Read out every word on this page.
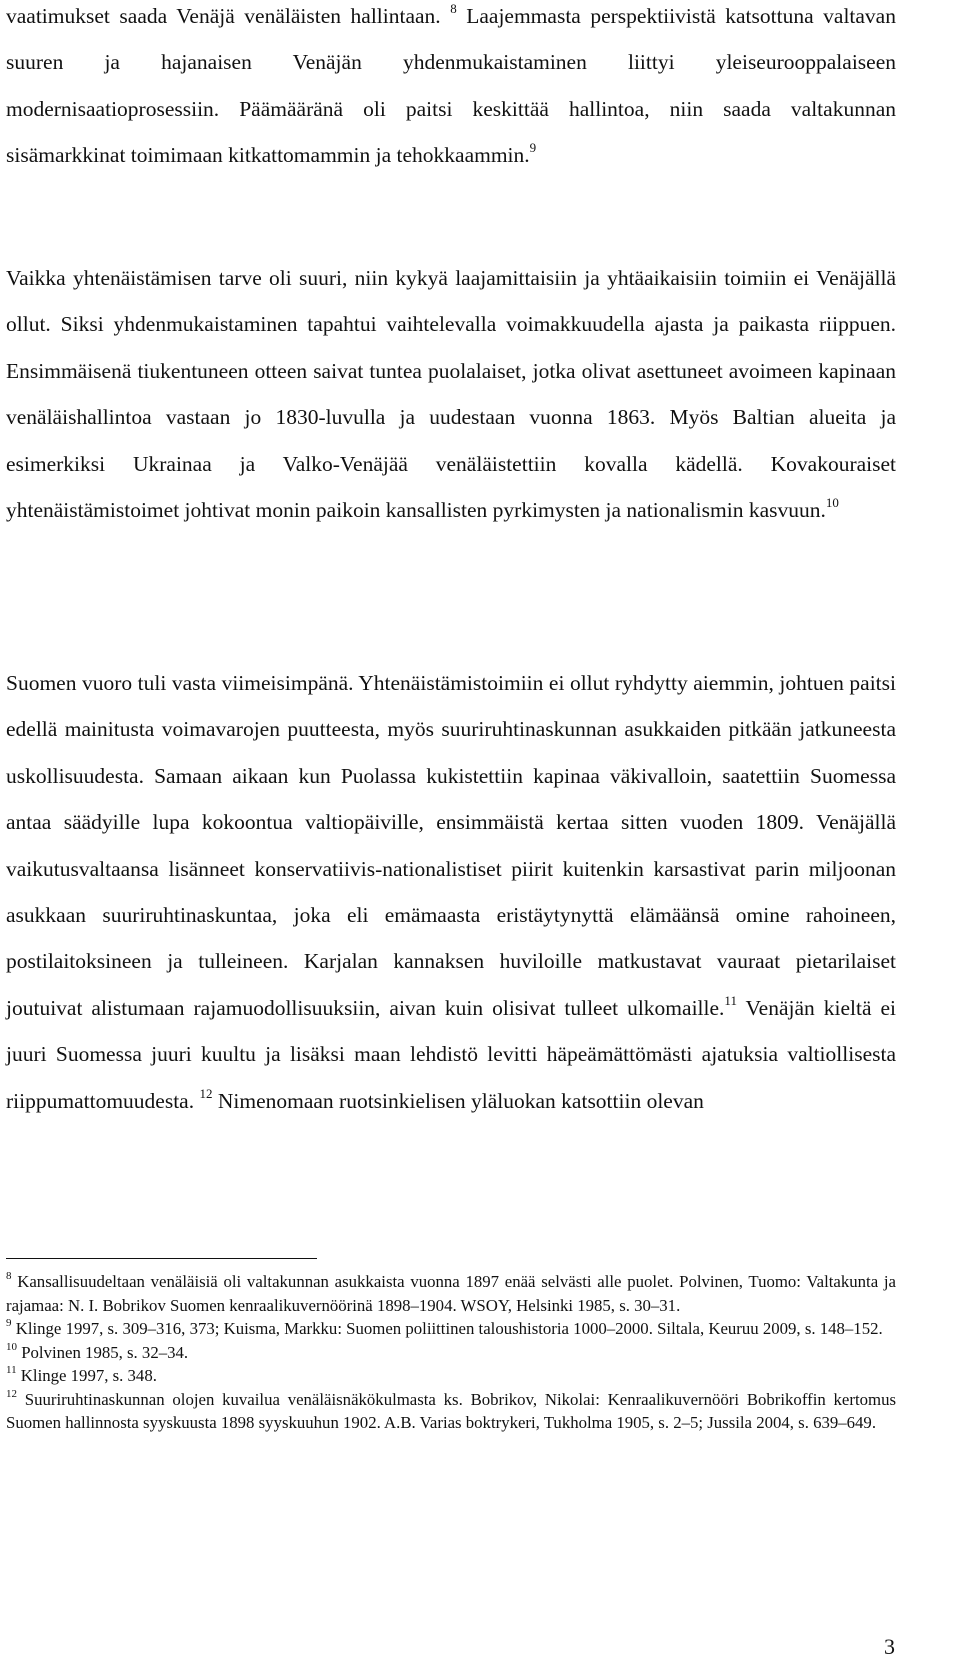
vaatimukset saada Venäjä venäläisten hallintaan. $^8$ Laajemmasta perspektiivistä katsottuna valtavan suuren ja hajanaisen Venäjän yhdenmukaistaminen liittyi yleiseurooppalaiseen modernisaatioprosessiin. Päämääränä oli paitsi keskittää hallintoa, niin saada valtakunnan sisämarkkinat toimimaan kitkattomammin ja tehokkaammin.$^9$

Vaikka yhtenäistämisen tarve oli suuri, niin kykyä laajamittaisiin ja yhtäaikaisiin toimiin ei Venäjällä ollut. Siksi yhdenmukaistaminen tapahtui vaihtelevalla voimakkuudella ajasta ja paikasta riippuen. Ensimmäisenä tiukentuneen otteen saivat tuntea puolalaiset, jotka olivat asettuneet avoimeen kapinaan venäläishallintoa vastaan jo 1830-luvulla ja uudestaan vuonna 1863. Myös Baltian alueita ja esimerkiksi Ukrainaa ja Valko-Venäjää venäläistettiin kovalla kädellä. Kovakouraiset yhtenäistämistoimet johtivat monin paikoin kansallisten pyrkimysten ja nationalismin kasvuun.$^{10}$

Suomen vuoro tuli vasta viimeisimpänä. Yhtenäistämistoimiin ei ollut ryhdytty aiemmin, johtuen paitsi edellä mainitusta voimavarojen puutteesta, myös suuriruhtinaskunnan asukkaiden pitkään jatkuneesta uskollisuudesta. Samaan aikaan kun Puolassa kukistettiin kapinaa väkivalloin, saatettiin Suomessa antaa säädyille lupa kokoontua valtiopäiville, ensimmäistä kertaa sitten vuoden 1809. Venäjällä vaikutusvaltaansa lisänneet konservatiivis-nationalistiset piirit kuitenkin karsastivat parin miljoonan asukkaan suuriruhtinaskuntaa, joka eli emämaasta eristäytynyttä elämäänsä omine rahoineen, postilaitoksineen ja tulleineen. Karjalan kannaksen huviloille matkustavat vauraat pietarilaiset joutuivat alistumaan rajamuodollisuuksiin, aivan kuin olisivat tulleet ulkomaille.$^{11}$ Venäjän kieltä ei juuri Suomessa juuri kuultu ja lisäksi maan lehdistö levitti häpeämättömästi ajatuksia valtiollisesta riippumattomuudesta. $^{12}$ Nimenomaan ruotsinkielisen yläluokan katsottiin olevan

$^8$ Kansallisuudeltaan venäläisiä oli valtakunnan asukkaista vuonna 1897 enää selvästi alle puolet. Polvinen, Tuomo: Valtakunta ja rajamaa: N. I. Bobrikov Suomen kenraalikuvernöörinä 1898–1904. WSOY, Helsinki 1985, s. 30–31.

$^9$ Klinge 1997, s. 309–316, 373; Kuisma, Markku: Suomen poliittinen taloushistoria 1000–2000. Siltala, Keuruu 2009, s. 148–152.

$^{10}$ Polvinen 1985, s. 32–34.

$^{11}$ Klinge 1997, s. 348.

$^{12}$ Suuriruhtinaskunnan olojen kuvailua venäläisnäkökulmasta ks. Bobrikov, Nikolai: Kenraalikuvernööri Bobrikoffin kertomus Suomen hallinnosta syyskuusta 1898 syyskuuhun 1902. A.B. Varias boktrykeri, Tukholma 1905, s. 2–5; Jussila 2004, s. 639–649.

3
